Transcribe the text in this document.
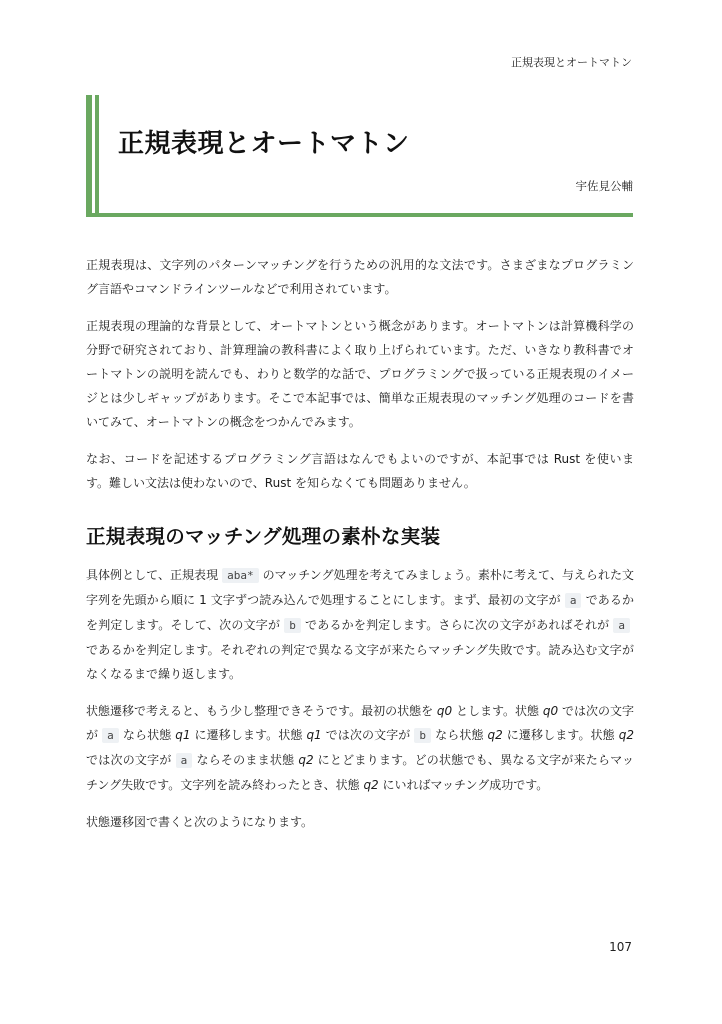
正規表現とオートマトン
正規表現とオートマトン
宇佐見公輔

正規表現は、文字列のパターンマッチングを行うための汎用的な文法です。さまざまなプログラミング言語やコマンドラインツールなどで利用されています。

正規表現の理論的な背景として、オートマトンという概念があります。オートマトンは計算機科学の分野で研究されており、計算理論の教科書によく取り上げられています。ただ、いきなり教科書でオートマトンの説明を読んでも、わりと数学的な話で、プログラミングで扱っている正規表現のイメージとは少しギャップがあります。そこで本記事では、簡単な正規表現のマッチング処理のコードを書いてみて、オートマトンの概念をつかんでみます。

なお、コードを記述するプログラミング言語はなんでもよいのですが、本記事では Rust を使います。難しい文法は使わないので、Rust を知らなくても問題ありません。

正規表現のマッチング処理の素朴な実装

具体例として、正規表現 aba* のマッチング処理を考えてみましょう。素朴に考えて、与えられた文字列を先頭から順に 1 文字ずつ読み込んで処理することにします。まず、最初の文字が a であるかを判定します。そして、次の文字が b であるかを判定します。さらに次の文字があればそれが aであるかを判定します。それぞれの判定で異なる文字が来たらマッチング失敗です。読み込む文字がなくなるまで繰り返します。

状態遷移で考えると、もう少し整理できそうです。最初の状態を q0 とします。状態 q0 では次の文字が a なら状態 q1 に遷移します。状態 q1 では次の文字が b なら状態 q2 に遷移します。状態 q2 では次の文字が a ならそのまま状態 q2 にとどまります。どの状態でも、異なる文字が来たらマッチング失敗です。文字列を読み終わったとき、状態 q2 にいればマッチング成功です。

状態遷移図で書くと次のようになります。

107
